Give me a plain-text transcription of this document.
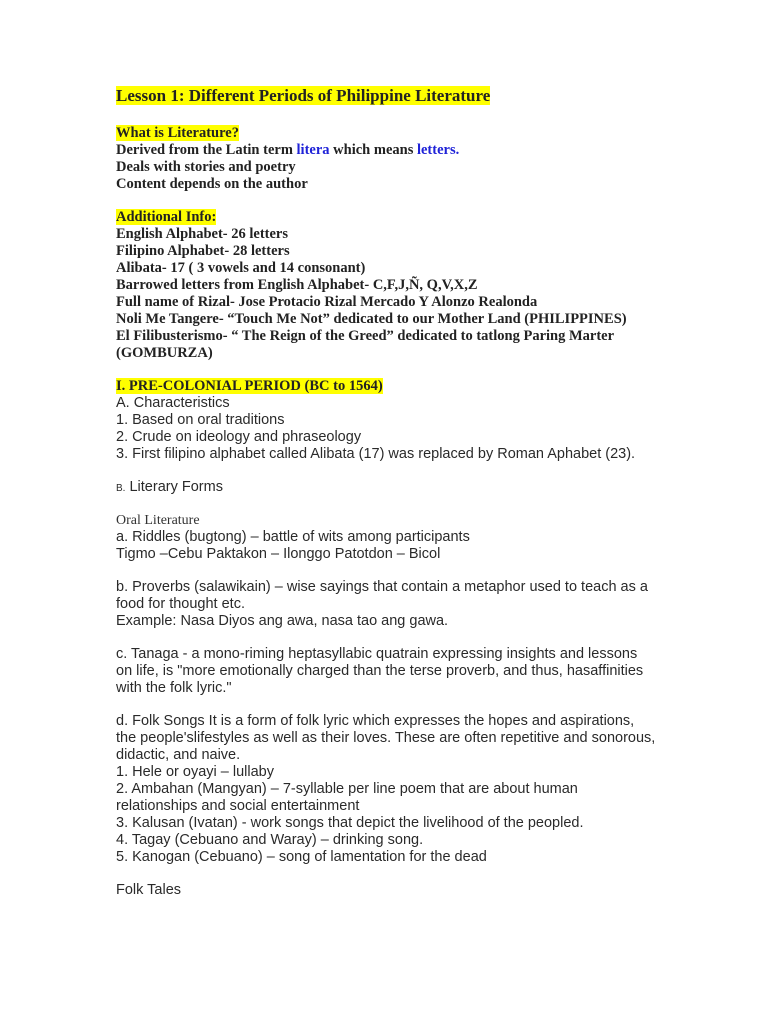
Lesson 1: Different Periods of Philippine Literature
What is Literature?
Derived from the Latin term litera which means letters.
Deals with stories and poetry
Content depends on the author
Additional Info:
English Alphabet- 26 letters
Filipino Alphabet- 28 letters
Alibata- 17 ( 3 vowels and 14 consonant)
Barrowed letters from English Alphabet- C,F,J,Ñ, Q,V,X,Z
Full name of Rizal- Jose Protacio Rizal Mercado Y Alonzo Realonda
Noli Me Tangere- “Touch Me Not” dedicated to our Mother Land (PHILIPPINES)
El Filibusterismo- “ The Reign of the Greed” dedicated to tatlong Paring Marter (GOMBURZA)
I. PRE-COLONIAL PERIOD (BC to 1564)
A. Characteristics
1. Based on oral traditions
2. Crude on ideology and phraseology
3. First filipino alphabet called Alibata (17) was replaced by Roman Aphabet (23).
B. Literary Forms
Oral Literature
a. Riddles (bugtong) – battle of wits among participants
Tigmo –Cebu Paktakon – Ilonggo Patotdon – Bicol
b. Proverbs (salawikain) – wise sayings that contain a metaphor used to teach as a food for thought etc.
Example: Nasa Diyos ang awa, nasa tao ang gawa.
c. Tanaga - a mono-riming heptasyllabic quatrain expressing insights and lessons on life, is "more emotionally charged than the terse proverb, and thus, hasaffinities with the folk lyric."
d. Folk Songs It is a form of folk lyric which expresses the hopes and aspirations, the people'slifestyles as well as their loves. These are often repetitive and sonorous, didactic, and naive.
1. Hele or oyayi – lullaby
2. Ambahan (Mangyan) – 7-syllable per line poem that are about human relationships and social entertainment
3. Kalusan (Ivatan) - work songs that depict the livelihood of the peopled.
4. Tagay (Cebuano and Waray) – drinking song.
5. Kanogan (Cebuano) – song of lamentation for the dead
Folk Tales
